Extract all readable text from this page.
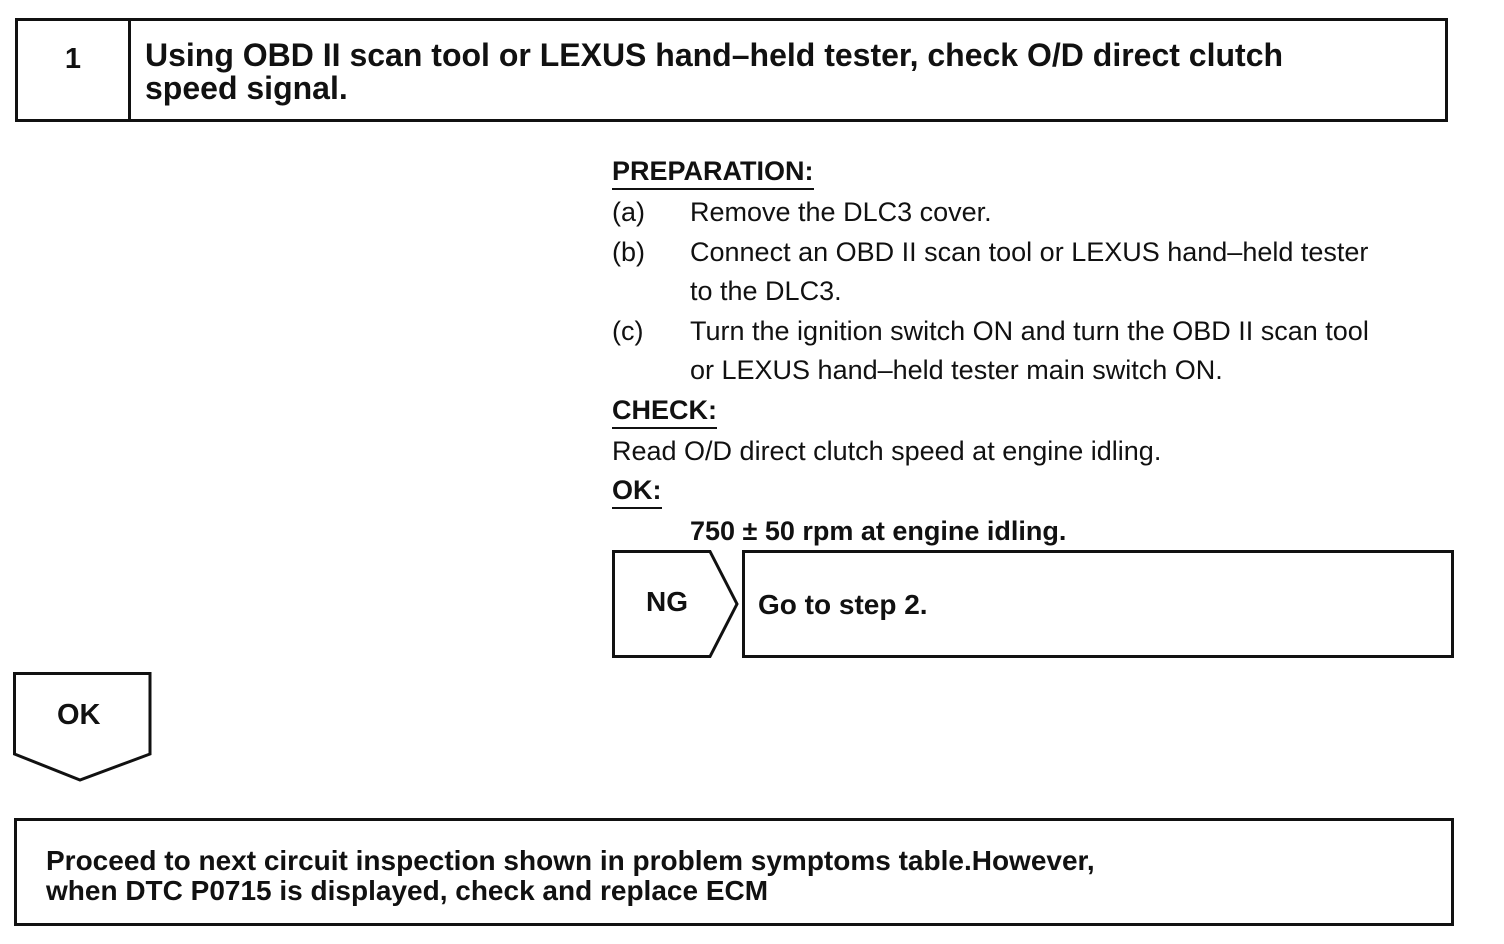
1	Using OBD II scan tool or LEXUS hand–held tester, check O/D direct clutch
speed signal.
PREPARATION:
(a)	Remove the DLC3 cover.
(b)	Connect an OBD II scan tool or LEXUS hand–held tester
to the DLC3.
(c)	Turn the ignition switch ON and turn the OBD II scan tool
or LEXUS hand–held tester main switch ON.
CHECK:
Read O/D direct clutch speed at engine idling.
OK:
750 ± 50 rpm at engine idling.
NG	Go to step 2.
OK
Proceed to next circuit inspection shown in problem symptoms table.However,
when DTC P0715 is displayed, check and replace ECM
